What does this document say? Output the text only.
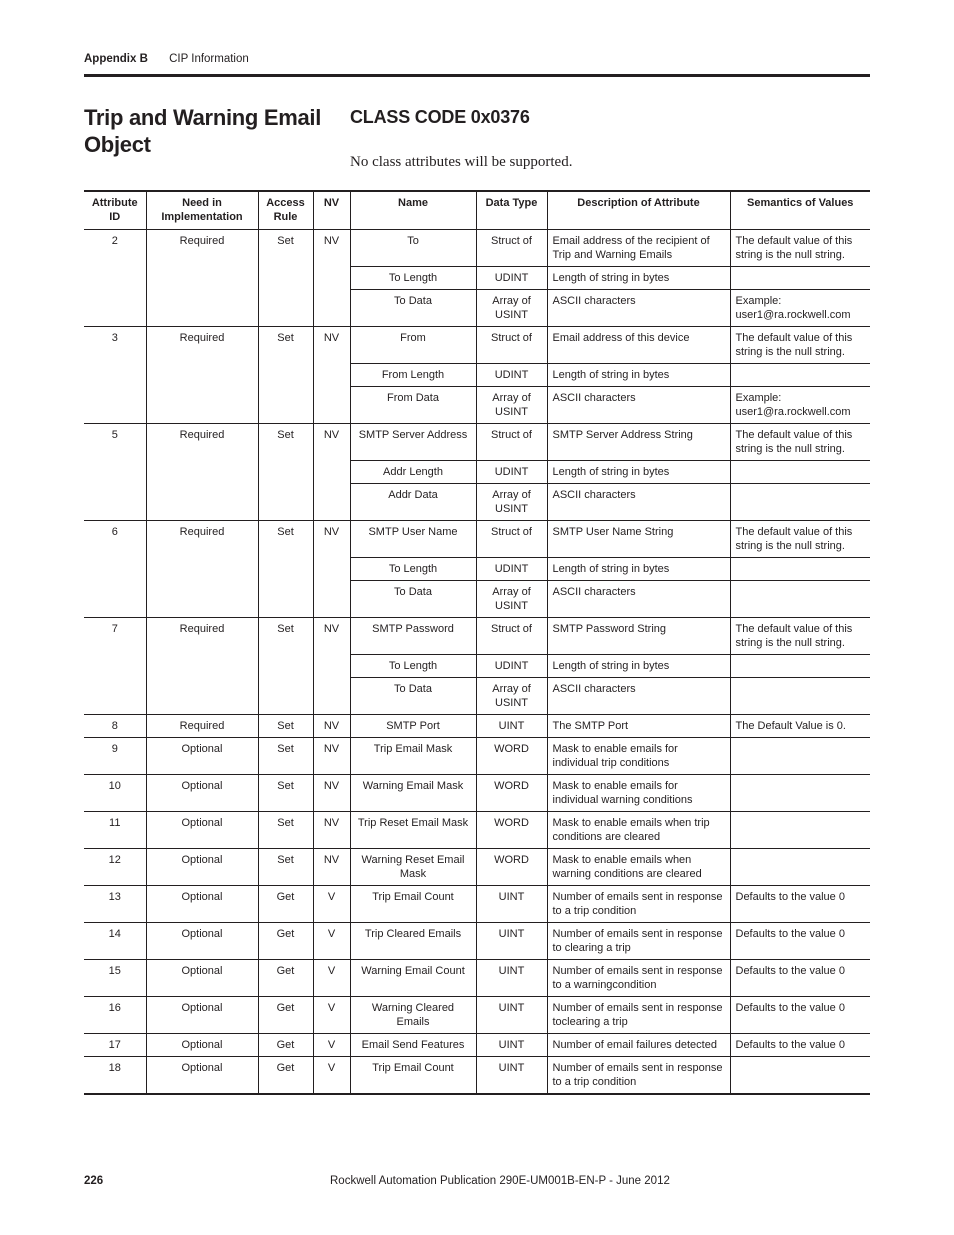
Appendix B CIP Information
Trip and Warning Email Object
CLASS CODE 0x0376
No class attributes will be supported.
Attribute ID	Need in Implementation	Access Rule	NV	Name	Data Type	Description of Attribute	Semantics of Values
2	Required	Set	NV	To	Struct of	Email address of the recipient of Trip and Warning Emails	The default value of this string is the null string.
				To Length	UDINT	Length of string in bytes	
				To Data	Array of USINT	ASCII characters	Example: user1@ra.rockwell.com
3	Required	Set	NV	From	Struct of	Email address of this device	The default value of this string is the null string.
				From Length	UDINT	Length of string in bytes	
				From Data	Array of USINT	ASCII characters	Example: user1@ra.rockwell.com
5	Required	Set	NV	SMTP Server Address	Struct of	SMTP Server Address String	The default value of this string is the null string.
				Addr Length	UDINT	Length of string in bytes	
				Addr Data	Array of USINT	ASCII characters	
6	Required	Set	NV	SMTP User Name	Struct of	SMTP User Name String	The default value of this string is the null string.
				To Length	UDINT	Length of string in bytes	
				To Data	Array of USINT	ASCII characters	
7	Required	Set	NV	SMTP Password	Struct of	SMTP Password String	The default value of this string is the null string.
				To Length	UDINT	Length of string in bytes	
				To Data	Array of USINT	ASCII characters	
8	Required	Set	NV	SMTP Port	UINT	The SMTP Port	The Default Value is 0.
9	Optional	Set	NV	Trip Email Mask	WORD	Mask to enable emails for individual trip conditions	
10	Optional	Set	NV	Warning Email Mask	WORD	Mask to enable emails for individual warning conditions	
11	Optional	Set	NV	Trip Reset Email Mask	WORD	Mask to enable emails when trip conditions are cleared	
12	Optional	Set	NV	Warning Reset Email Mask	WORD	Mask to enable emails when warning conditions are cleared	
13	Optional	Get	V	Trip Email Count	UINT	Number of emails sent in response to a trip condition	Defaults to the value 0
14	Optional	Get	V	Trip Cleared Emails	UINT	Number of emails sent in response to clearing a trip	Defaults to the value 0
15	Optional	Get	V	Warning Email Count	UINT	Number of emails sent in response to a warningcondition	Defaults to the value 0
16	Optional	Get	V	Warning Cleared Emails	UINT	Number of emails sent in response toclearing a trip	Defaults to the value 0
17	Optional	Get	V	Email Send Features	UINT	Number of email failures detected	Defaults to the value 0
18	Optional	Get	V	Trip Email Count	UINT	Number of emails sent in response to a trip condition	
226	Rockwell Automation Publication 290E-UM001B-EN-P - June 2012
